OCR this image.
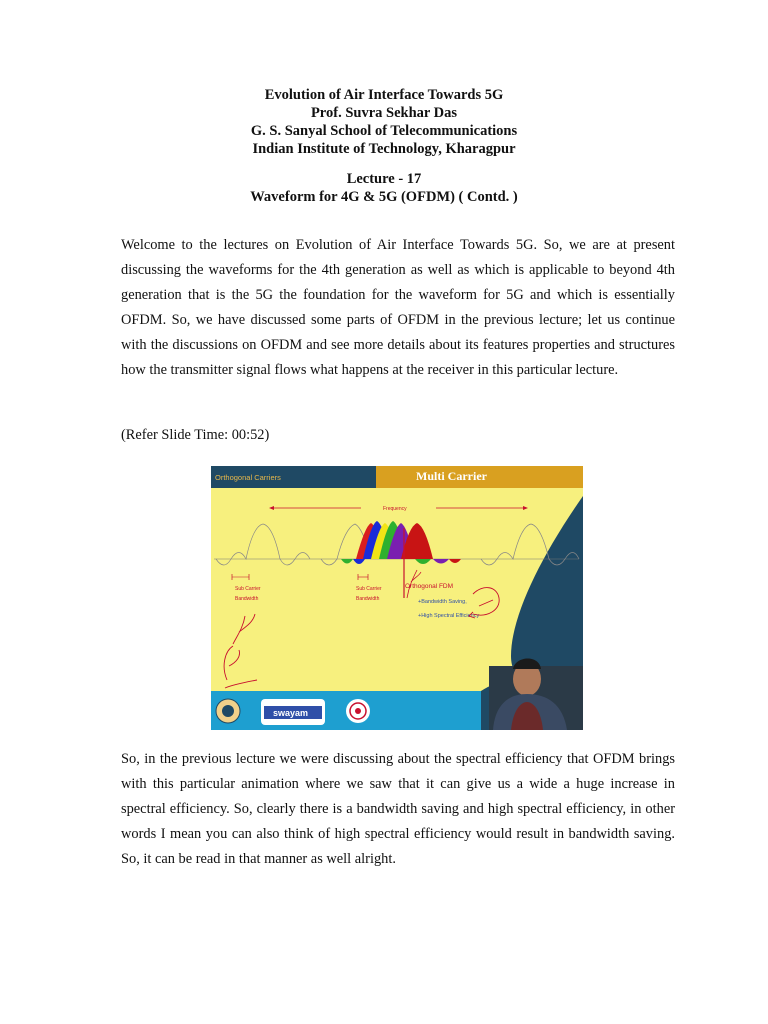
Evolution of Air Interface Towards 5G
Prof. Suvra Sekhar Das
G. S. Sanyal School of Telecommunications
Indian Institute of Technology, Kharagpur
Lecture - 17
Waveform for 4G & 5G (OFDM) ( Contd. )

Welcome to the lectures on Evolution of Air Interface Towards 5G. So, we are at present discussing the waveforms for the 4th generation as well as which is applicable to beyond 4th generation that is the 5G the foundation for the waveform for 5G and which is essentially OFDM. So, we have discussed some parts of OFDM in the previous lecture; let us continue with the discussions on OFDM and see more details about its features properties and structures how the transmitter signal flows what happens at the receiver in this particular lecture.

(Refer Slide Time: 00:52)

Orthogonal Carriers	Multi Carrier
Frequency
Sub Carrier
Bandwidth
Sub Carrier
Bandwidth
Orthogonal FDM
+Bandwidth Saving,
+High Spectral Efficiency
swayam

So, in the previous lecture we were discussing about the spectral efficiency that OFDM brings with this particular animation where we saw that it can give us a wide a huge increase in spectral efficiency. So, clearly there is a bandwidth saving and high spectral efficiency, in other words I mean you can also think of high spectral efficiency would result in bandwidth saving. So, it can be read in that manner as well alright.
